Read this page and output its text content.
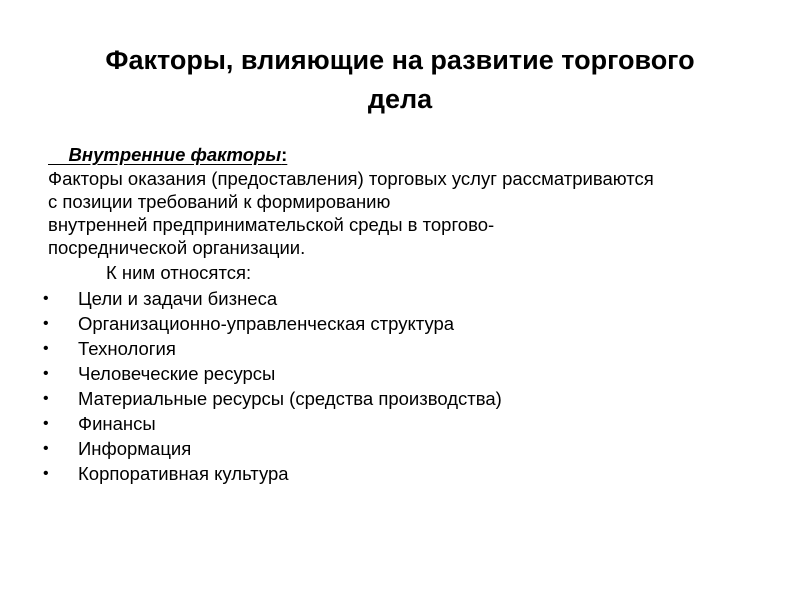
Факторы, влияющие на развитие торгового
дела

Внутренние факторы:

Факторы оказания (предоставления) торговых услуг рассматриваются с позиции требований к формированию
внутренней предпринимательской среды в торгово-
посреднической организации.

К ним относятся:

• Цели и задачи бизнеса
• Организационно-управленческая структура
• Технология
• Человеческие ресурсы
• Материальные ресурсы (средства производства)
• Финансы
• Информация
• Корпоративная культура
